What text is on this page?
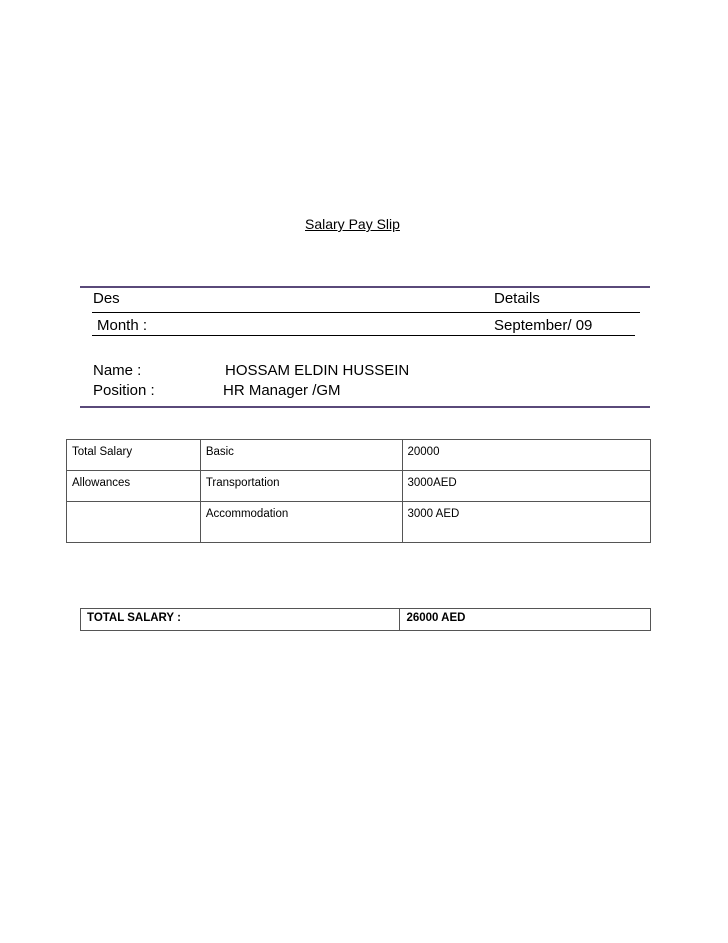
Salary Pay Slip
Des	Details
Month :	September/ 09
Name :	HOSSAM ELDIN HUSSEIN
Position :	HR Manager /GM
Total Salary	Basic	20000
Allowances	Transportation	3000AED
	Accommodation	3000 AED
TOTAL SALARY :	26000 AED
